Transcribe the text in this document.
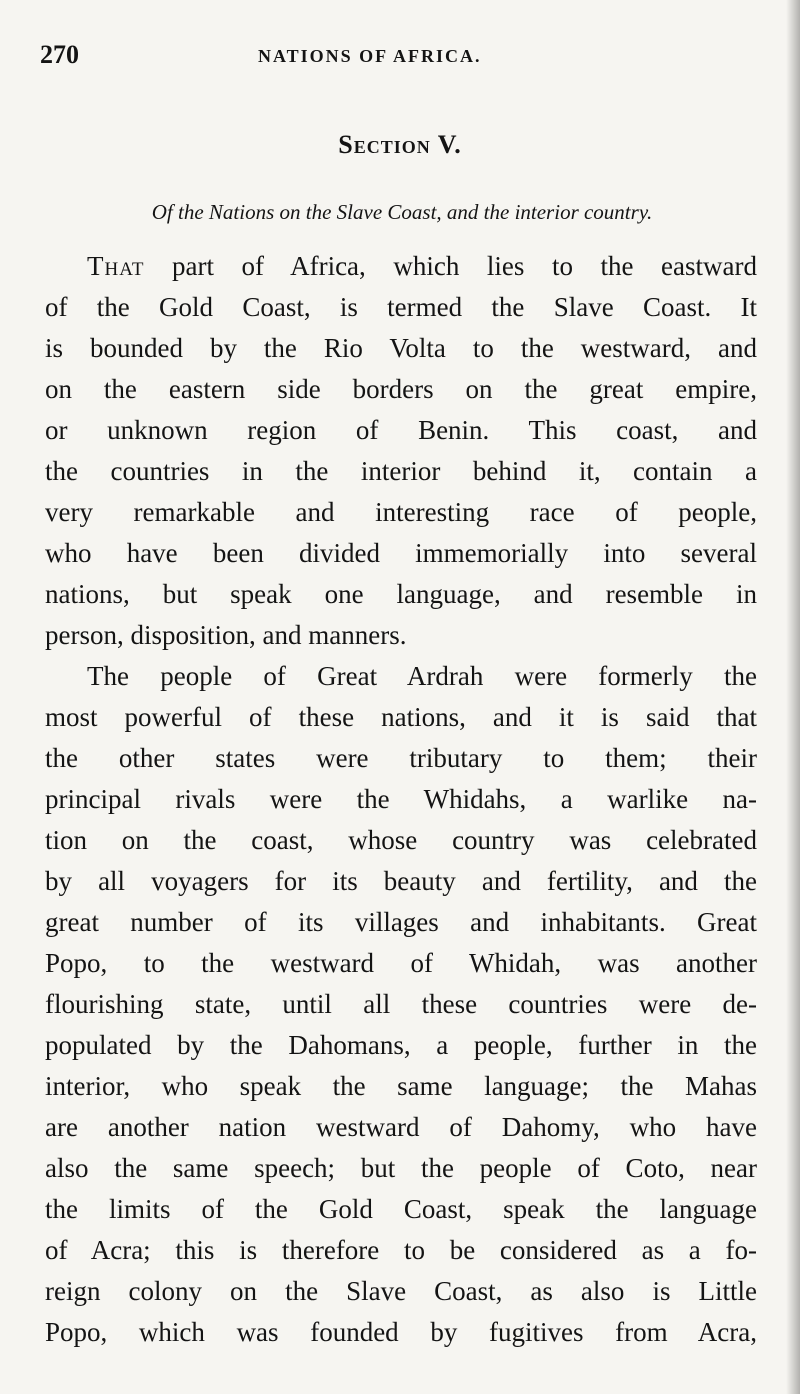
270	NATIONS OF AFRICA.
Section V.
Of the Nations on the Slave Coast, and the interior country.
That part of Africa, which lies to the eastward
of the Gold Coast, is termed the Slave Coast. It
is bounded by the Rio Volta to the westward, and
on the eastern side borders on the great empire,
or unknown region of Benin. This coast, and
the countries in the interior behind it, contain a
very remarkable and interesting race of people,
who have been divided immemorially into several
nations, but speak one language, and resemble in
person, disposition, and manners.
The people of Great Ardrah were formerly the
most powerful of these nations, and it is said that
the other states were tributary to them; their
principal rivals were the Whidahs, a warlike na-
tion on the coast, whose country was celebrated
by all voyagers for its beauty and fertility, and the
great number of its villages and inhabitants. Great
Popo, to the westward of Whidah, was another
flourishing state, until all these countries were de-
populated by the Dahomans, a people, further in the
interior, who speak the same language; the Mahas
are another nation westward of Dahomy, who have
also the same speech; but the people of Coto, near
the limits of the Gold Coast, speak the language
of Acra; this is therefore to be considered as a fo-
reign colony on the Slave Coast, as also is Little
Popo, which was founded by fugitives from Acra,
